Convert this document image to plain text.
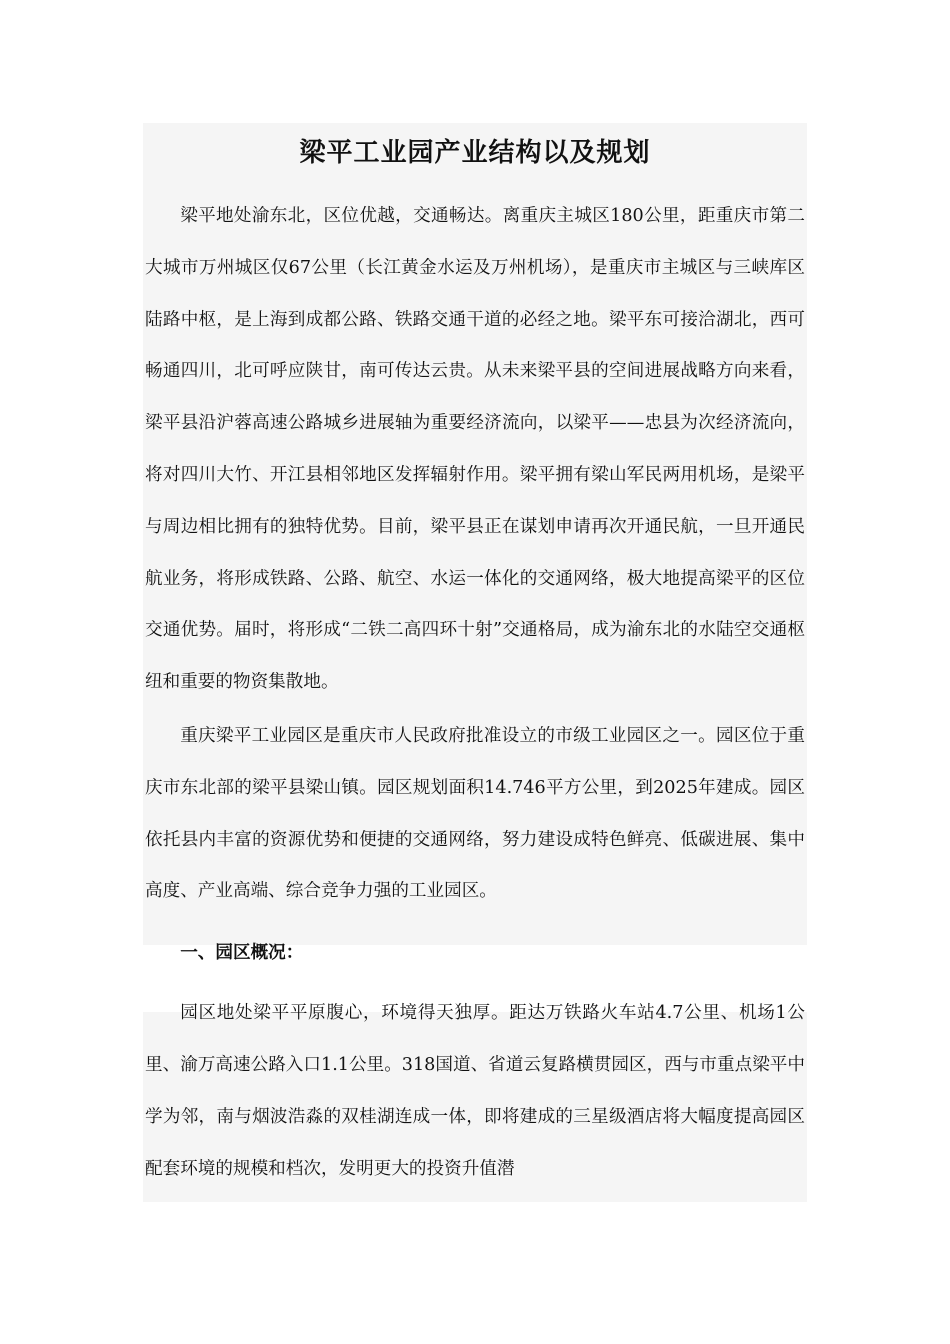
梁平工业园产业结构以及规划

梁平地处渝东北，区位优越，交通畅达。离重庆主城区180公里，距重庆市第二大城市万州城区仅67公里（长江黄金水运及万州机场），是重庆市主城区与三峡库区陆路中枢，是上海到成都公路、铁路交通干道的必经之地。梁平东可接洽湖北，西可畅通四川，北可呼应陕甘，南可传达云贵。从未来梁平县的空间进展战略方向来看，梁平县沿沪蓉高速公路城乡进展轴为重要经济流向，以梁平——忠县为次经济流向，将对四川大竹、开江县相邻地区发挥辐射作用。梁平拥有梁山军民两用机场，是梁平与周边相比拥有的独特优势。目前，梁平县正在谋划申请再次开通民航，一旦开通民航业务，将形成铁路、公路、航空、水运一体化的交通网络，极大地提高梁平的区位交通优势。届时，将形成“二铁二高四环十射”交通格局，成为渝东北的水陆空交通枢纽和重要的物资集散地。

重庆梁平工业园区是重庆市人民政府批准设立的市级工业园区之一。园区位于重庆市东北部的梁平县梁山镇。园区规划面积14.746平方公里，到2025年建成。园区依托县内丰富的资源优势和便捷的交通网络，努力建设成特色鲜亮、低碳进展、集中高度、产业高端、综合竞争力强的工业园区。

一、园区概况：

园区地处梁平平原腹心，环境得天独厚。距达万铁路火车站4.7公里、机场1公里、渝万高速公路入口1.1公里。318国道、省道云复路横贯园区，西与市重点梁平中学为邻，南与烟波浩淼的双桂湖连成一体，即将建成的三星级酒店将大幅度提高园区配套环境的规模和档次，发明更大的投资升值潜
